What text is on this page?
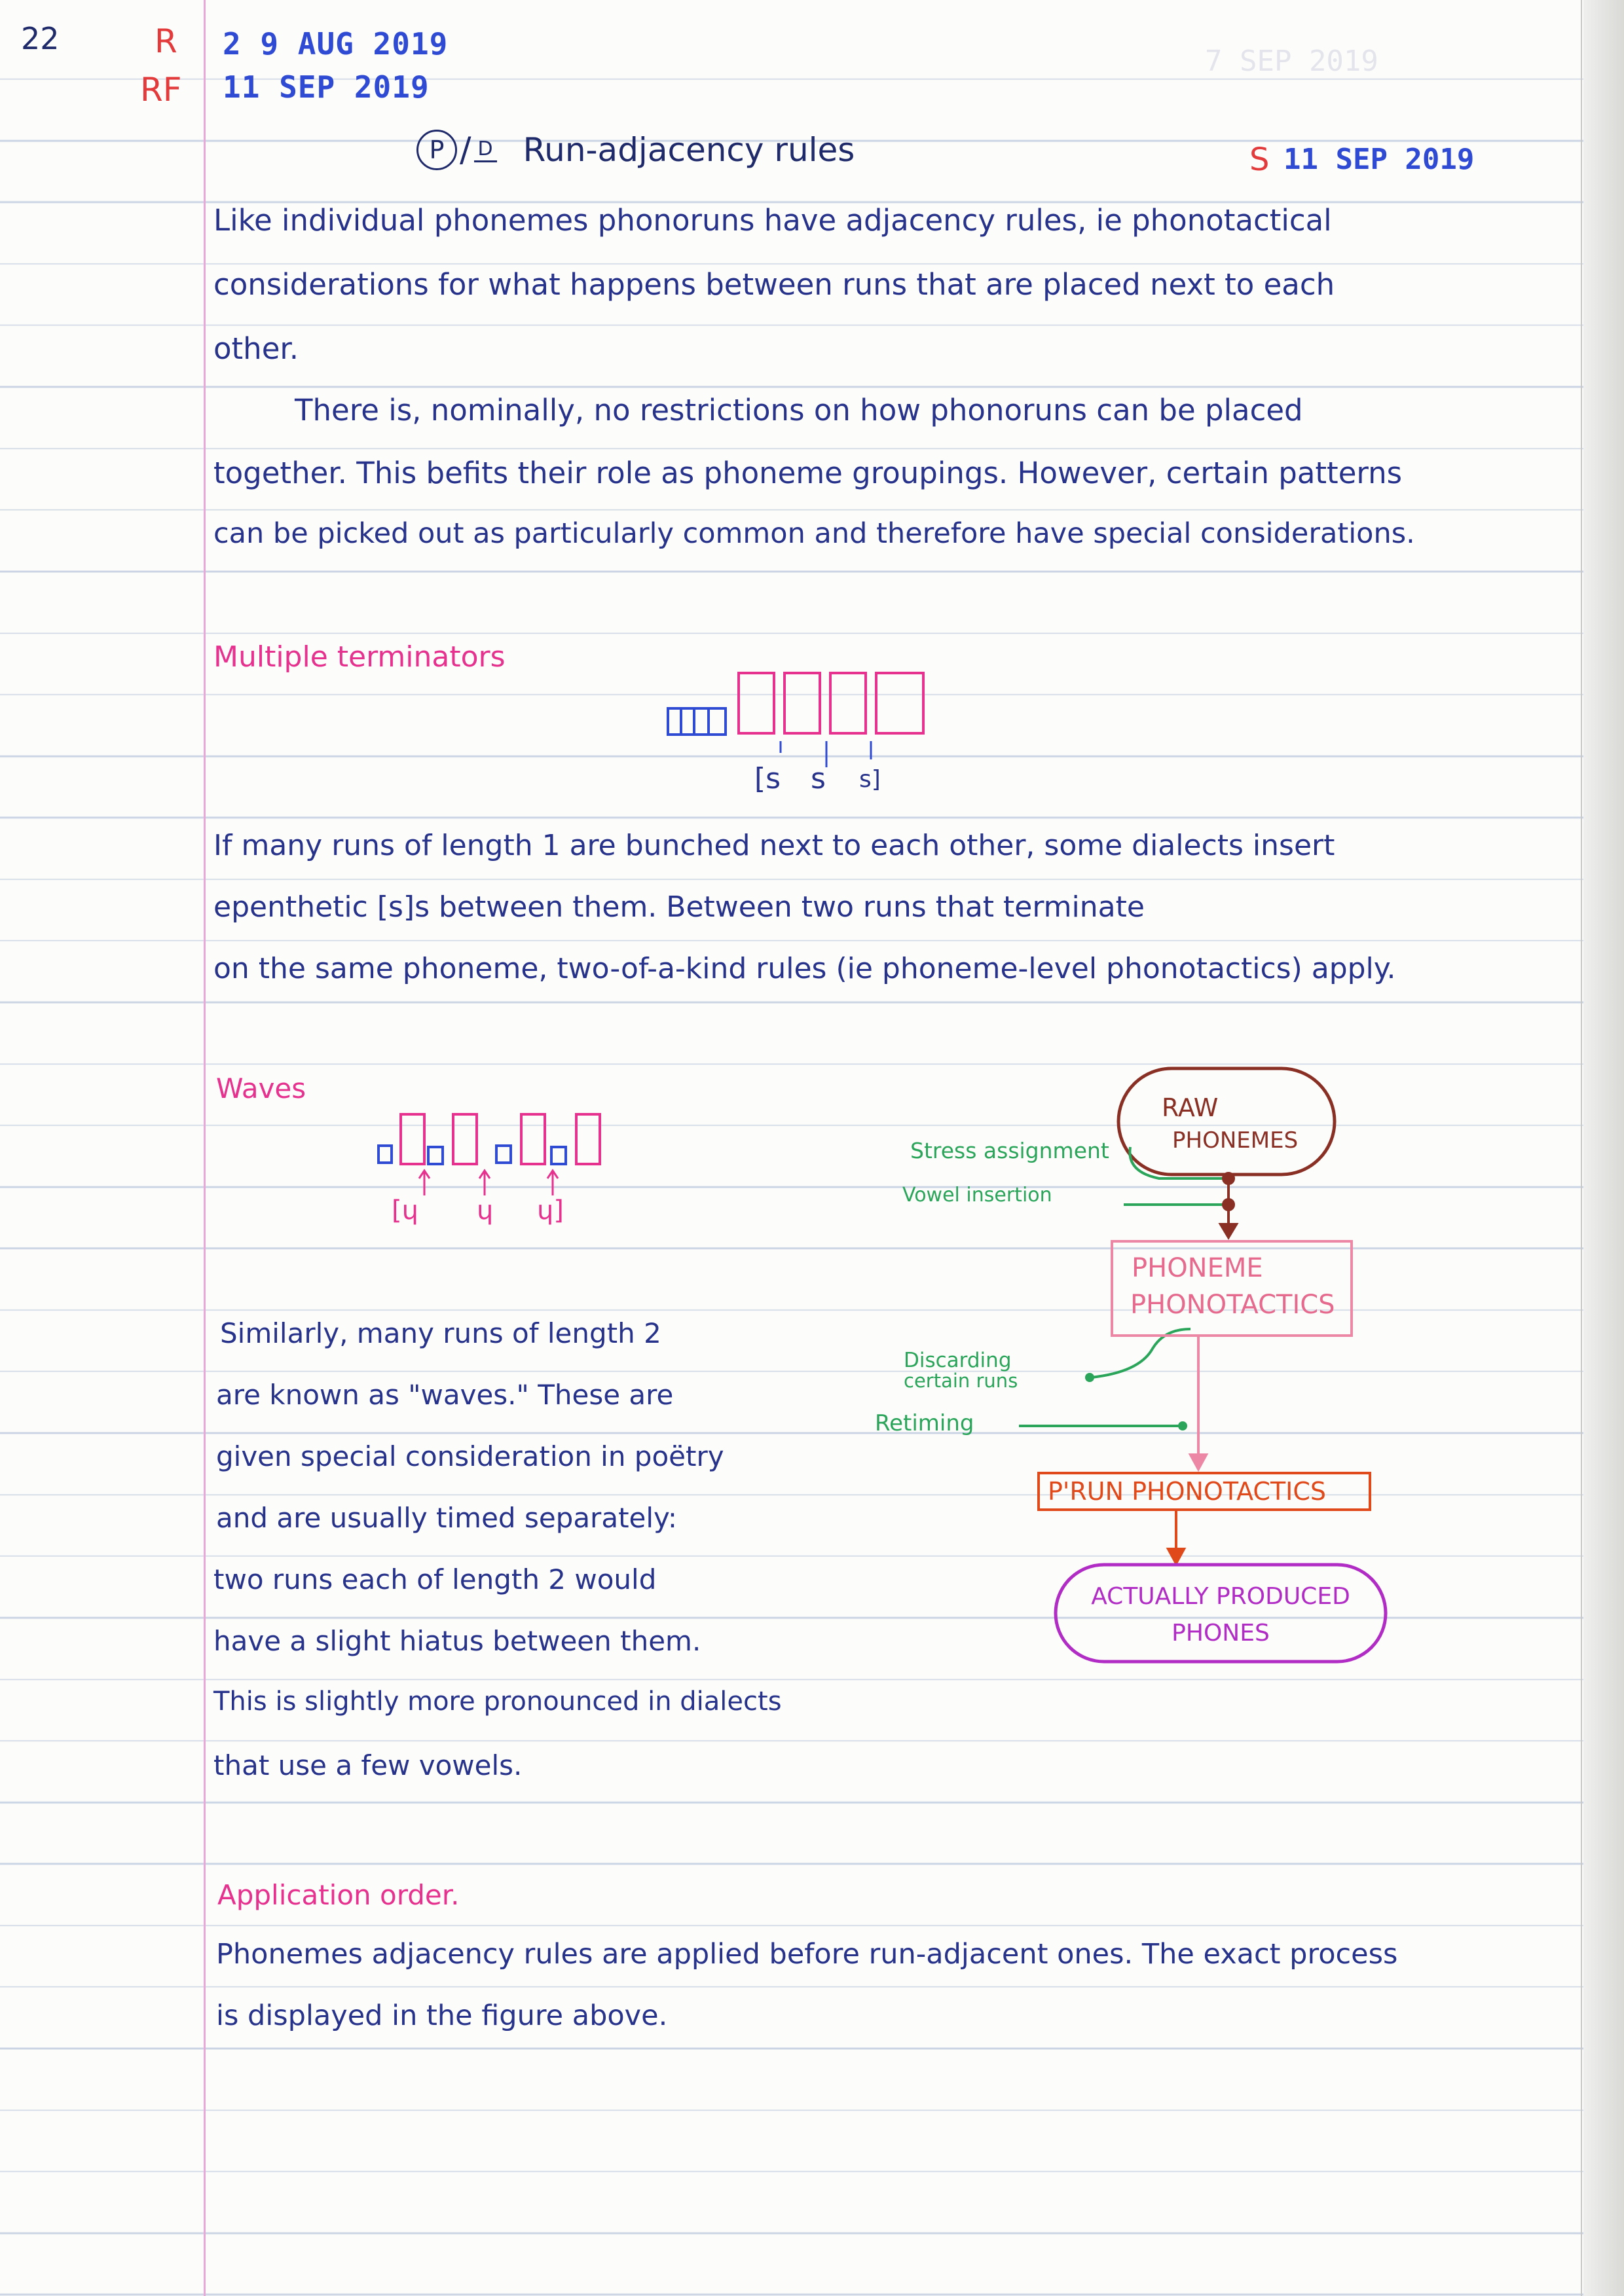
22	R
RF
2 9 AUG 2019
11 SEP 2019
7 SEP 2019
P / D Run-adjacency rules	S 11 SEP 2019
Like individual phonemes phonoruns have adjacency rules, ie phonotactical
considerations for what happens between runs that are placed next to each
other.
There is, nominally, no restrictions on how phonoruns can be placed
together. This befits their role as phoneme groupings. However, certain patterns
can be picked out as particularly common and therefore have special considerations.
Multiple terminators
[s s s]
If many runs of length 1 are bunched next to each other, some dialects insert
epenthetic [s]s between them. Between two runs that terminate
on the same phoneme, two-of-a-kind rules (ie phoneme-level phonotactics) apply.
Waves
[ɥ ɥ ɥ]
Similarly, many runs of length 2
are known as "waves." These are
given special consideration in poëtry
and are usually timed separately:
two runs each of length 2 would
have a slight hiatus between them.
This is slightly more pronounced in dialects
that use a few vowels.
RAW
PHONEMES
Stress assignment
Vowel insertion
PHONEME
PHONOTACTICS
Discarding
certain runs
Retiming
P'RUN PHONOTACTICS
ACTUALLY PRODUCED
PHONES
Application order.
Phonemes adjacency rules are applied before run-adjacent ones. The exact process
is displayed in the figure above.
